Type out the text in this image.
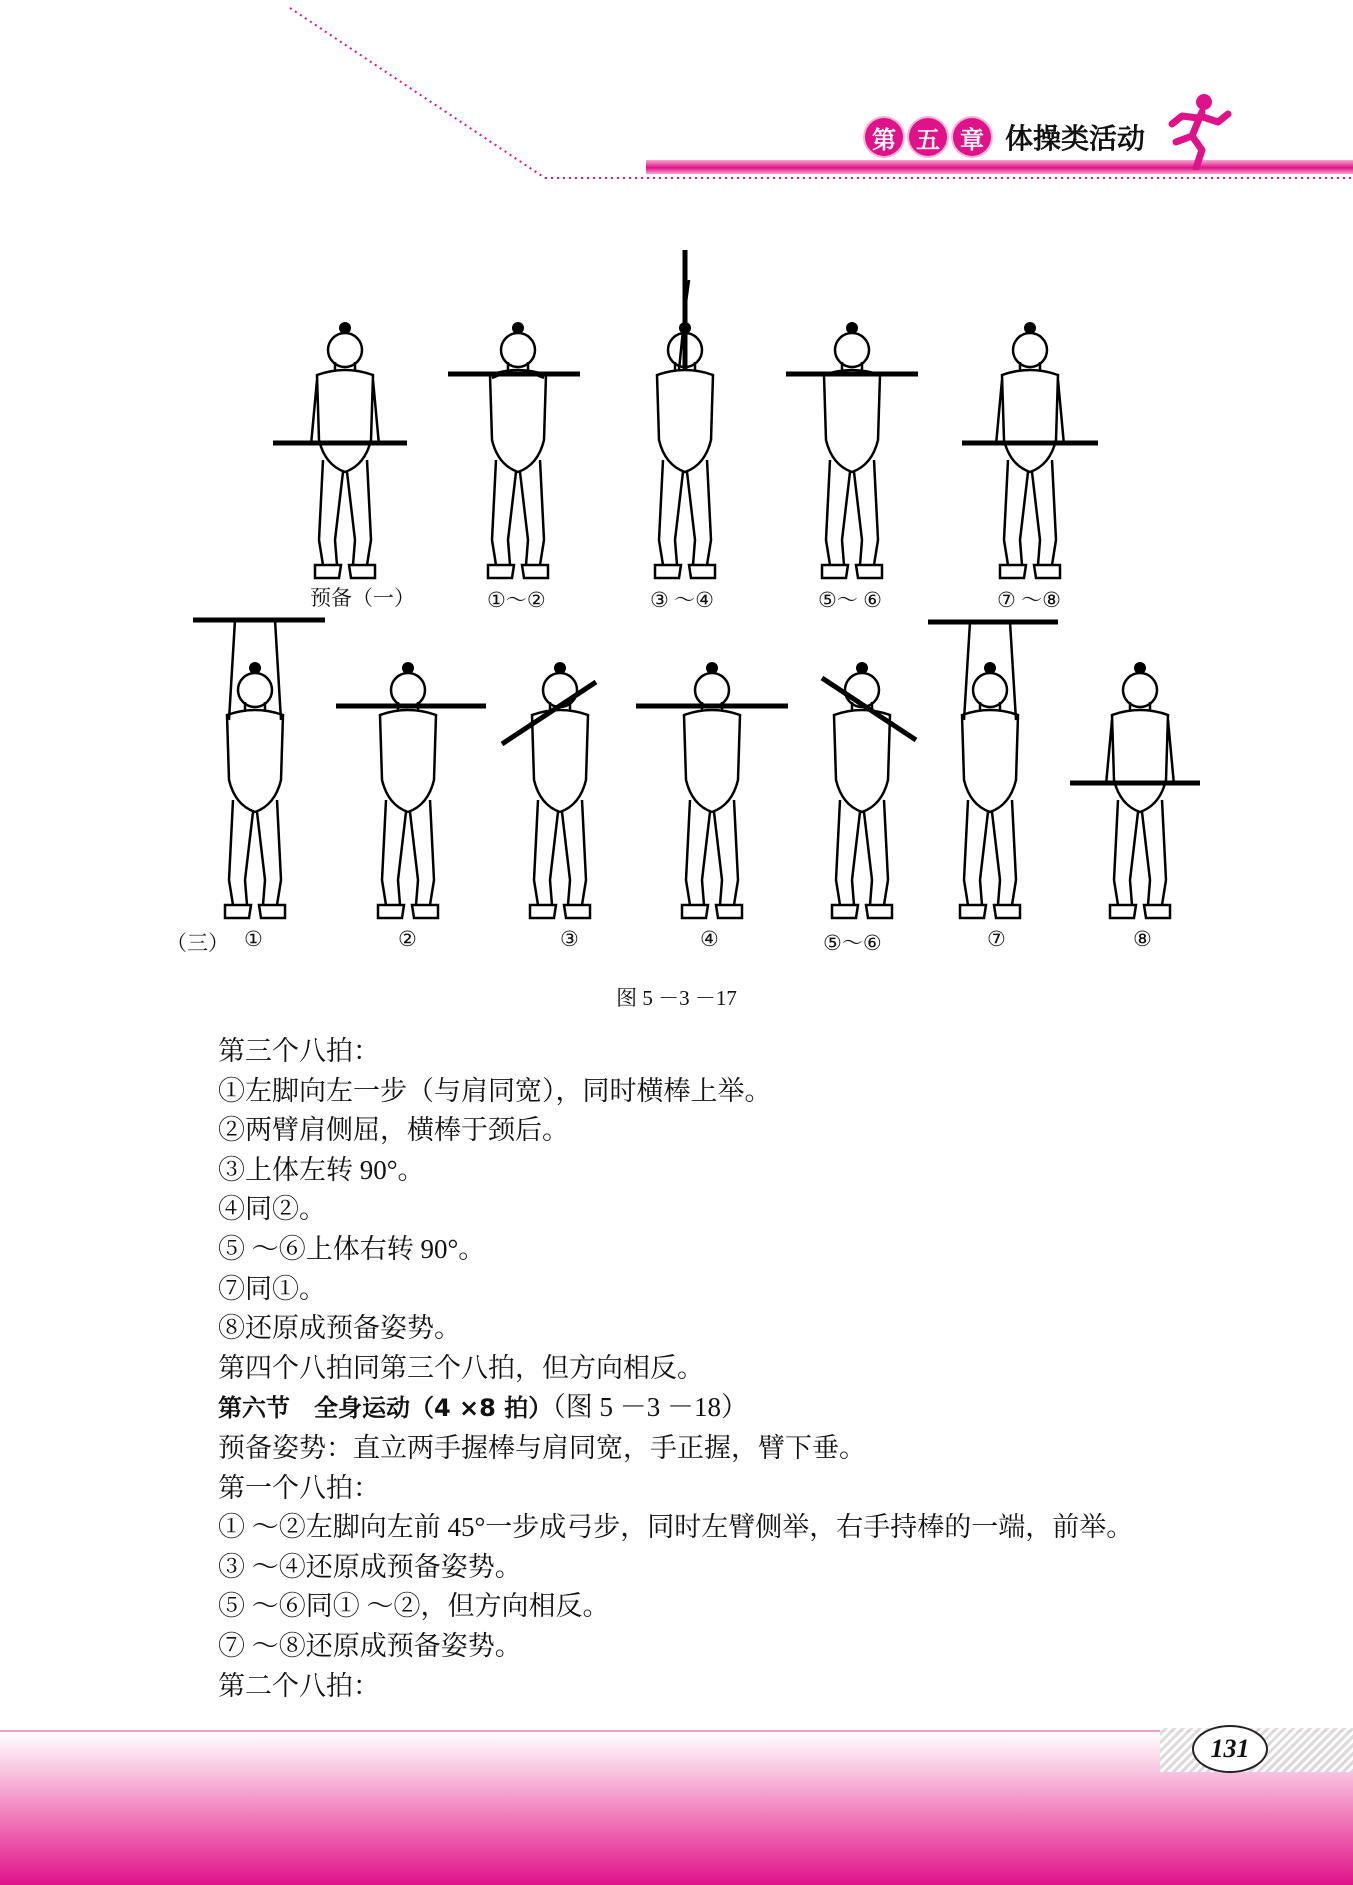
第 五 章 体操类活动
预备（一）	①～②	③ ～④	⑤～ ⑥	⑦ ～⑧
（三） ①	②	③	④	⑤～⑥	⑦	⑧
图 5 －3 －17

第三个八拍：

①左脚向左一步（与肩同宽），同时横棒上举。

②两臂肩侧屈，横棒于颈后。

③上体左转 90°。

④同②。

⑤ ～⑥上体右转 90°。

⑦同①。

⑧还原成预备姿势。

第四个八拍同第三个八拍，但方向相反。

第六节　全身运动（4 ×8 拍）（图 5 －3 －18）

预备姿势：直立两手握棒与肩同宽，手正握，臂下垂。

第一个八拍：

① ～②左脚向左前 45°一步成弓步，同时左臂侧举，右手持棒的一端，前举。

③ ～④还原成预备姿势。

⑤ ～⑥同① ～②，但方向相反。

⑦ ～⑧还原成预备姿势。

第二个八拍：

131
